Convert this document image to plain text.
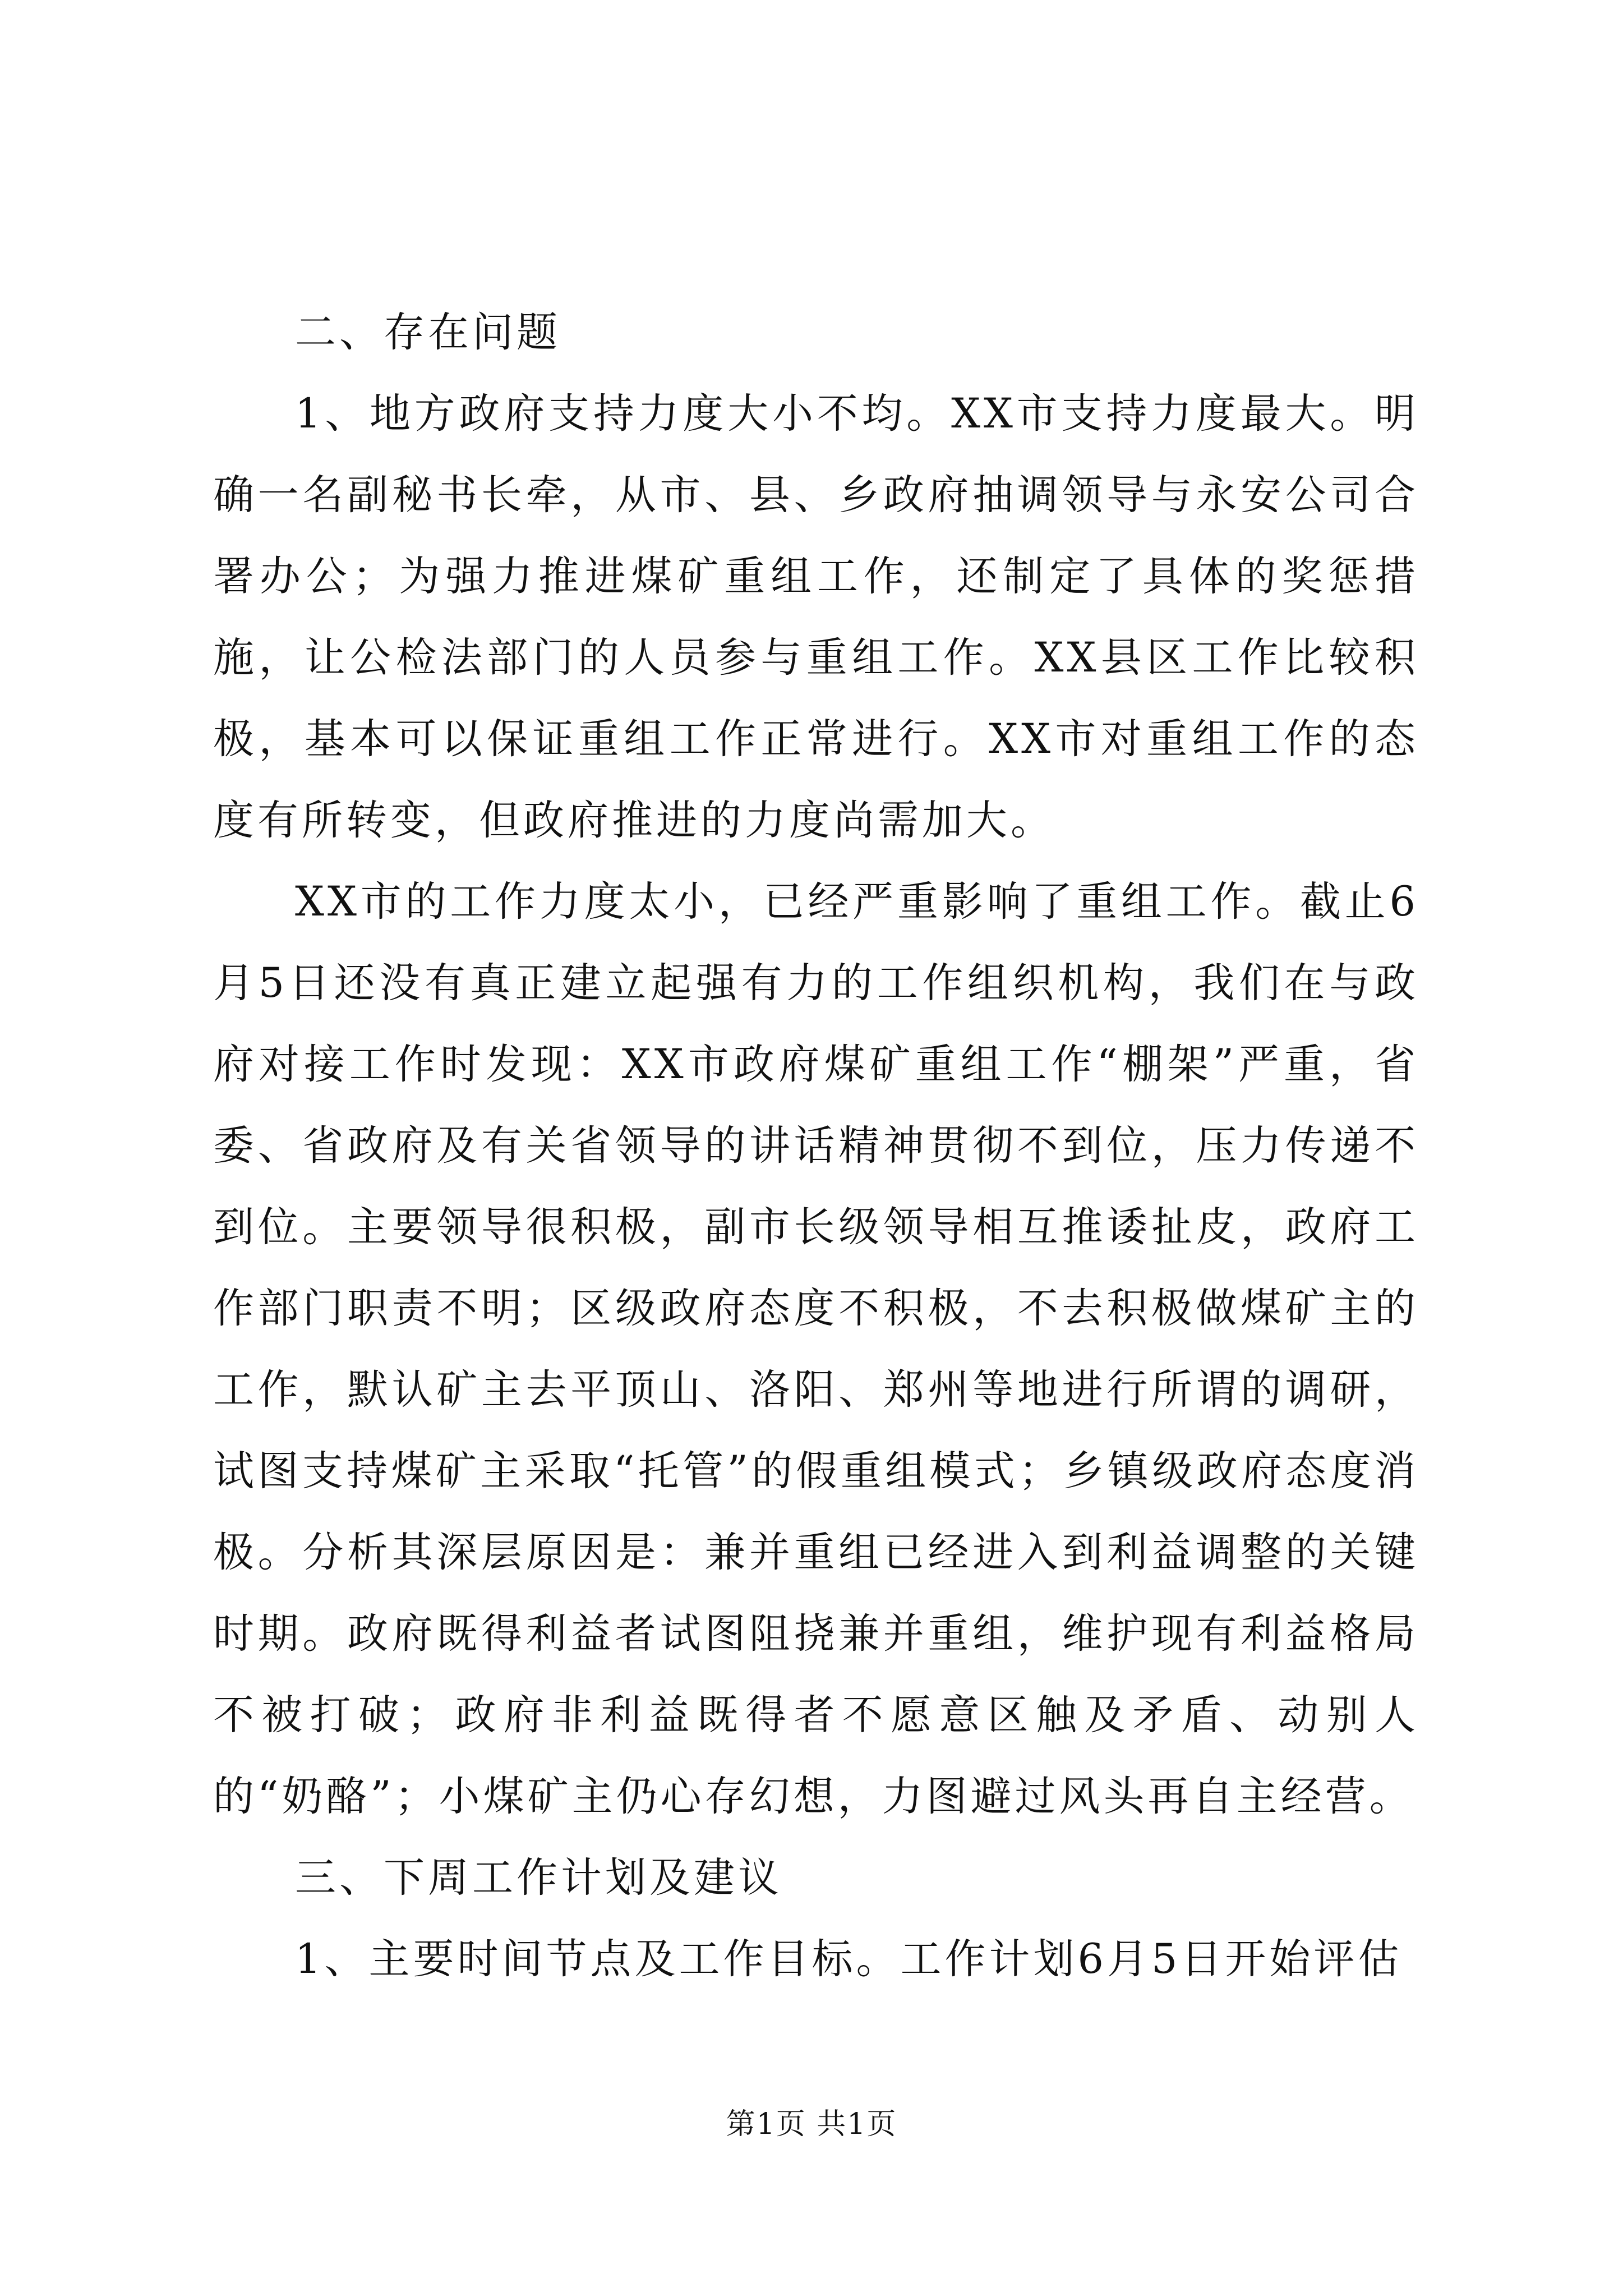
二、存在问题

1、地方政府支持力度大小不均。XX市支持力度最大。明确一名副秘书长牵，从市、县、乡政府抽调领导与永安公司合署办公；为强力推进煤矿重组工作，还制定了具体的奖惩措施，让公检法部门的人员参与重组工作。XX县区工作比较积极，基本可以保证重组工作正常进行。XX市对重组工作的态度有所转变，但政府推进的力度尚需加大。

XX市的工作力度太小，已经严重影响了重组工作。截止6月5日还没有真正建立起强有力的工作组织机构，我们在与政府对接工作时发现：XX市政府煤矿重组工作“棚架”严重，省委、省政府及有关省领导的讲话精神贯彻不到位，压力传递不到位。主要领导很积极，副市长级领导相互推诿扯皮，政府工作部门职责不明；区级政府态度不积极，不去积极做煤矿主的工作，默认矿主去平顶山、洛阳、郑州等地进行所谓的调研，试图支持煤矿主采取“托管”的假重组模式；乡镇级政府态度消极。分析其深层原因是：兼并重组已经进入到利益调整的关键时期。政府既得利益者试图阻挠兼并重组，维护现有利益格局不被打破；政府非利益既得者不愿意区触及矛盾、动别人的“奶酪”；小煤矿主仍心存幻想，力图避过风头再自主经营。

三、下周工作计划及建议

1、主要时间节点及工作目标。工作计划6月5日开始评估

第1页 共1页
